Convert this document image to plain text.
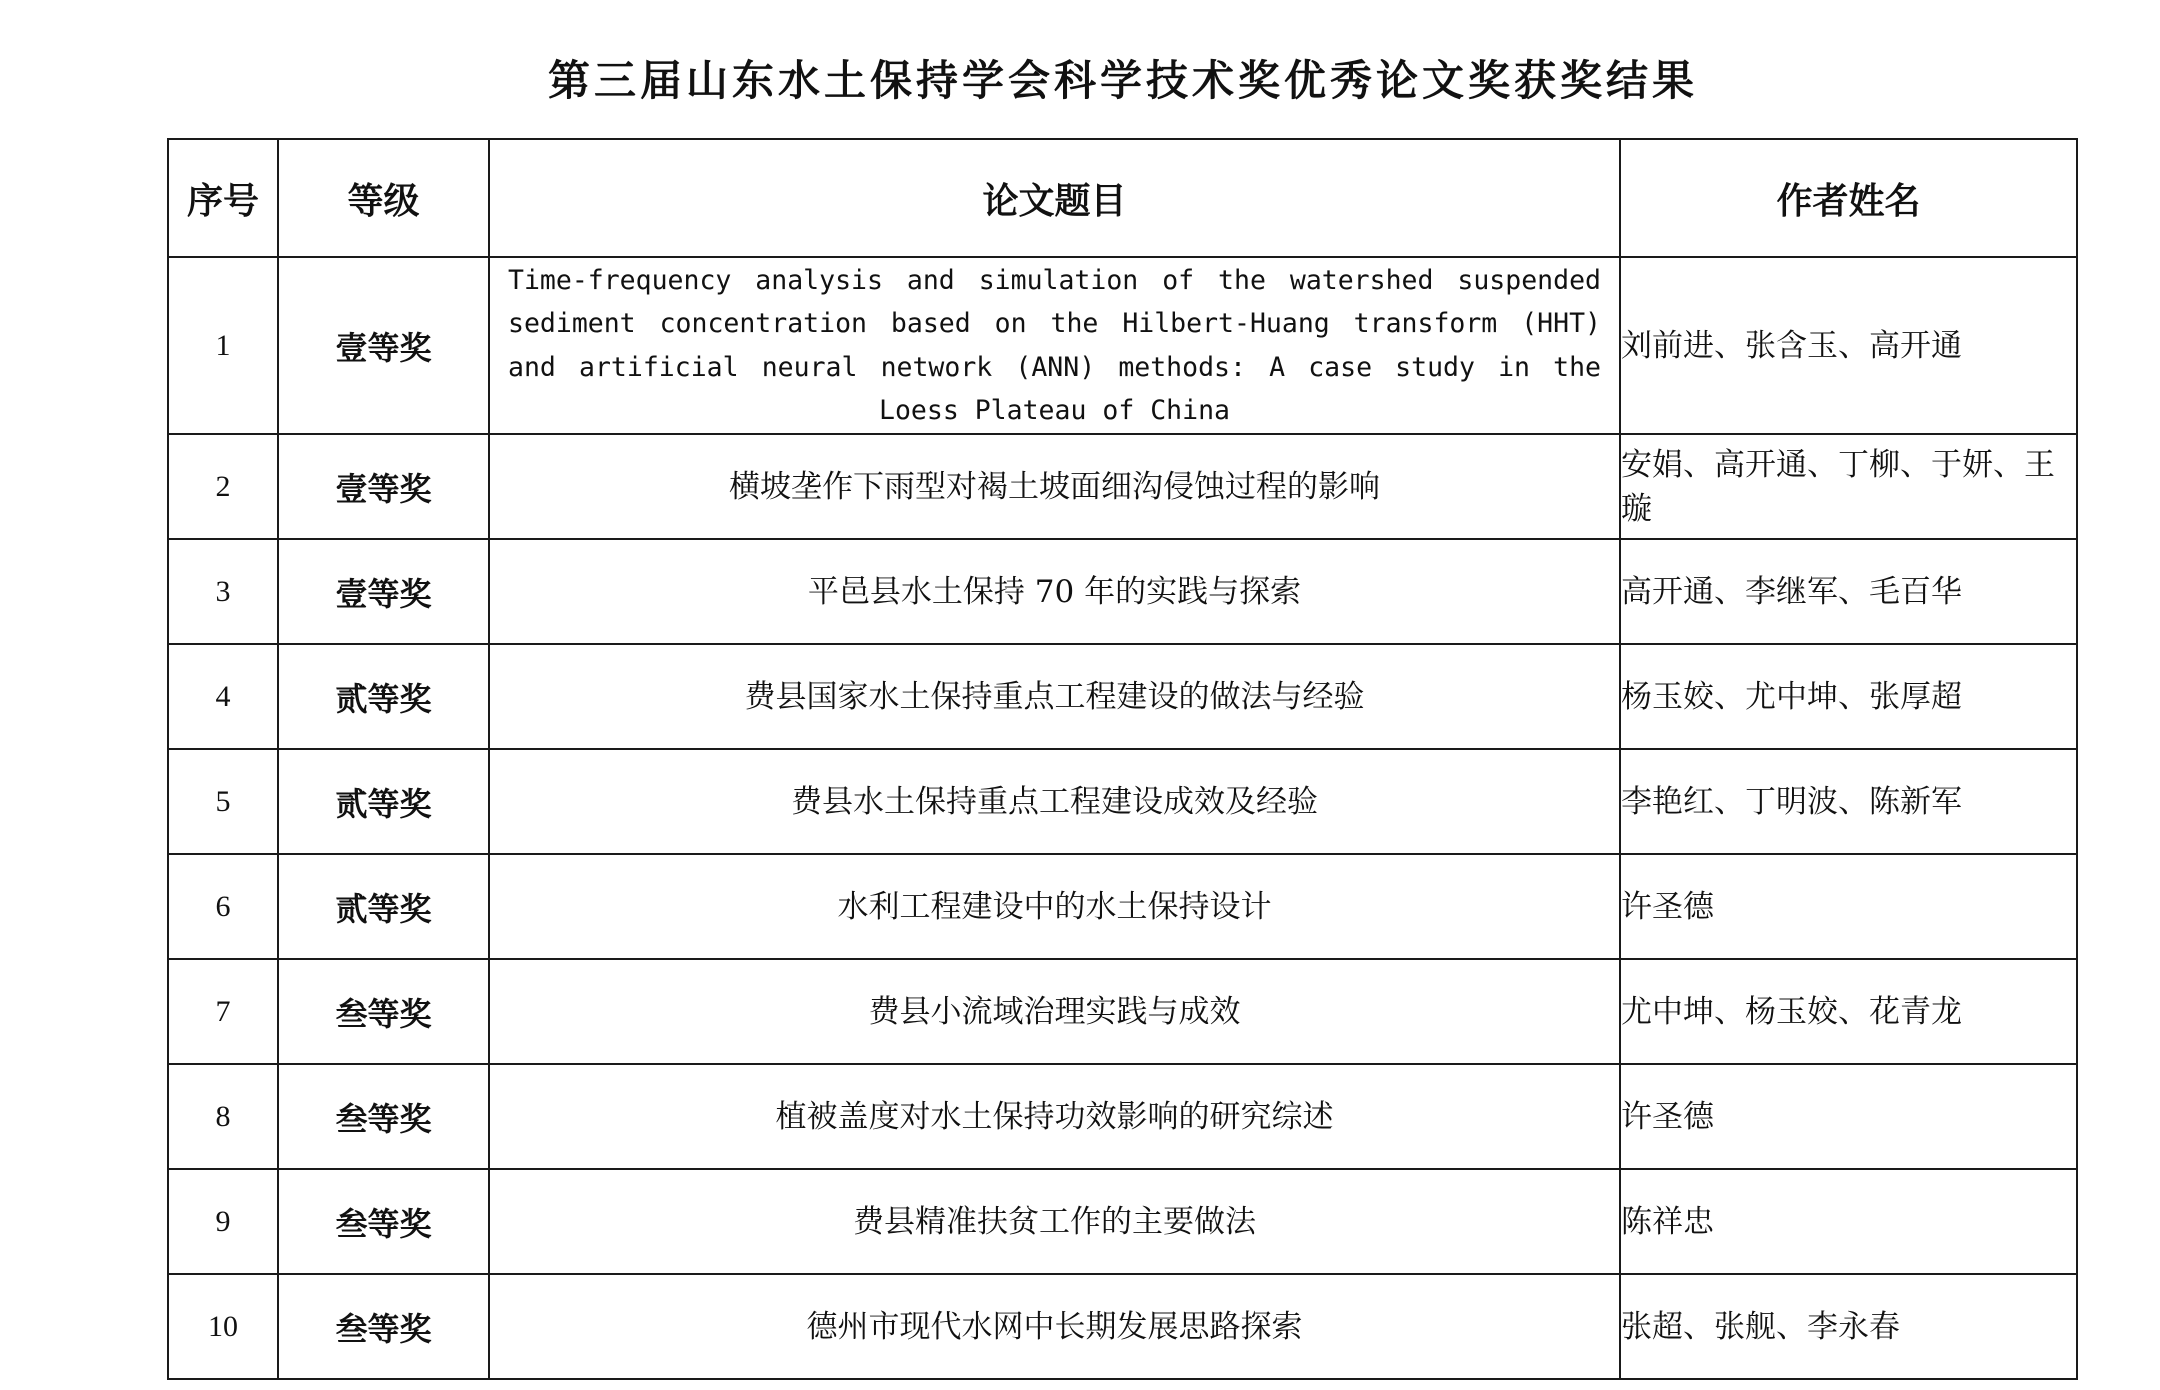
第三届山东水土保持学会科学技术奖优秀论文奖获奖结果
序号	等级	论文题目	作者姓名
1	壹等奖	Time-frequency analysis and simulation of the watershed suspended sediment concentration based on the Hilbert-Huang transform (HHT) and artificial neural network (ANN) methods: A case study in the Loess Plateau of China	刘前进、张含玉、高开通
2	壹等奖	横坡垄作下雨型对褐土坡面细沟侵蚀过程的影响	安娟、高开通、丁柳、于妍、王璇
3	壹等奖	平邑县水土保持 70 年的实践与探索	高开通、李继军、毛百华
4	贰等奖	费县国家水土保持重点工程建设的做法与经验	杨玉姣、尤中坤、张厚超
5	贰等奖	费县水土保持重点工程建设成效及经验	李艳红、丁明波、陈新军
6	贰等奖	水利工程建设中的水土保持设计	许圣德
7	叁等奖	费县小流域治理实践与成效	尤中坤、杨玉姣、花青龙
8	叁等奖	植被盖度对水土保持功效影响的研究综述	许圣德
9	叁等奖	费县精准扶贫工作的主要做法	陈祥忠
10	叁等奖	德州市现代水网中长期发展思路探索	张超、张舰、李永春
